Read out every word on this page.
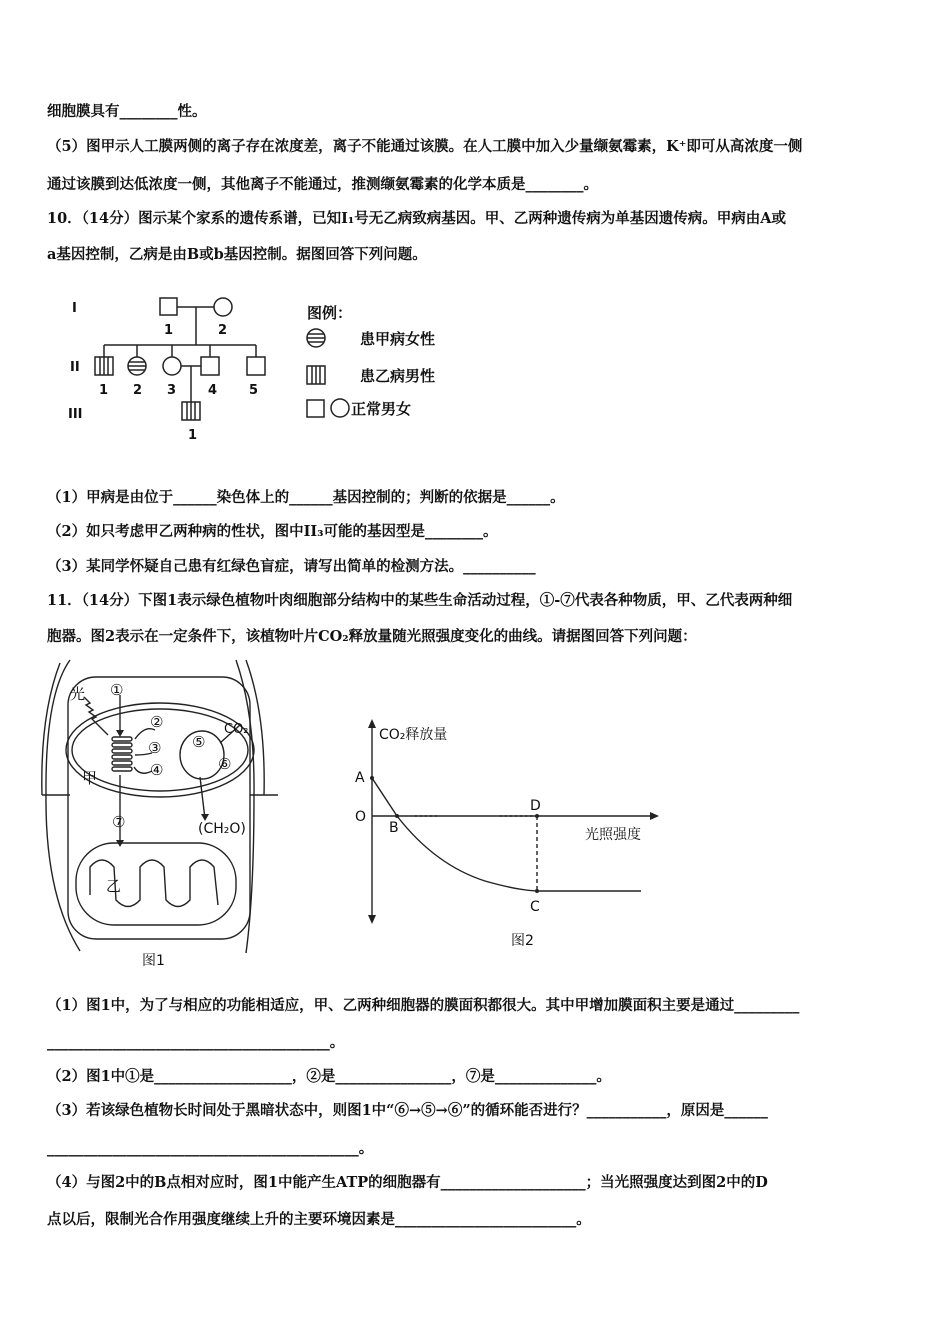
细胞膜具有________性。
（5）图甲示人工膜两侧的离子存在浓度差，离子不能通过该膜。在人工膜中加入少量缬氨霉素，K⁺即可从高浓度一侧
通过该膜到达低浓度一侧，其他离子不能通过，推测缬氨霉素的化学本质是________。
10．（14分）图示某个家系的遗传系谱，已知Ⅰ₁号无乙病致病基因。甲、乙两种遗传病为单基因遗传病。甲病由A或
a基因控制，乙病是由B或b基因控制。据图回答下列问题。
I
II
III
1	2
1 2 3 4 5
1
图例：
患甲病女性
患乙病男性
正常男女
（1）甲病是由位于______染色体上的______基因控制的；判断的依据是______。
（2）如只考虑甲乙两种病的性状，图中II₃可能的基因型是________。
（3）某同学怀疑自己患有红绿色盲症，请写出简单的检测方法。__________
11．（14分）下图1表示绿色植物叶肉细胞部分结构中的某些生命活动过程，①-⑦代表各种物质，甲、乙代表两种细
胞器。图2表示在一定条件下，该植物叶片CO₂释放量随光照强度变化的曲线。请据图回答下列问题：
光 ①
②
③
④
⑤
⑥
⑦
CO₂
(CH₂O)
甲
乙
图1
CO₂释放量
光照强度
A
B
C
D
O
图2
（1）图1中，为了与相应的功能相适应，甲、乙两种细胞器的膜面积都很大。其中甲增加膜面积主要是通过_________
_______________________________________。
（2）图1中①是___________________，②是________________，⑦是______________。
（3）若该绿色植物长时间处于黑暗状态中，则图1中“⑥→⑤→⑥”的循环能否进行？___________，原因是______
___________________________________________。
（4）与图2中的B点相对应时，图1中能产生ATP的细胞器有____________________；当光照强度达到图2中的D
点以后，限制光合作用强度继续上升的主要环境因素是_________________________。
